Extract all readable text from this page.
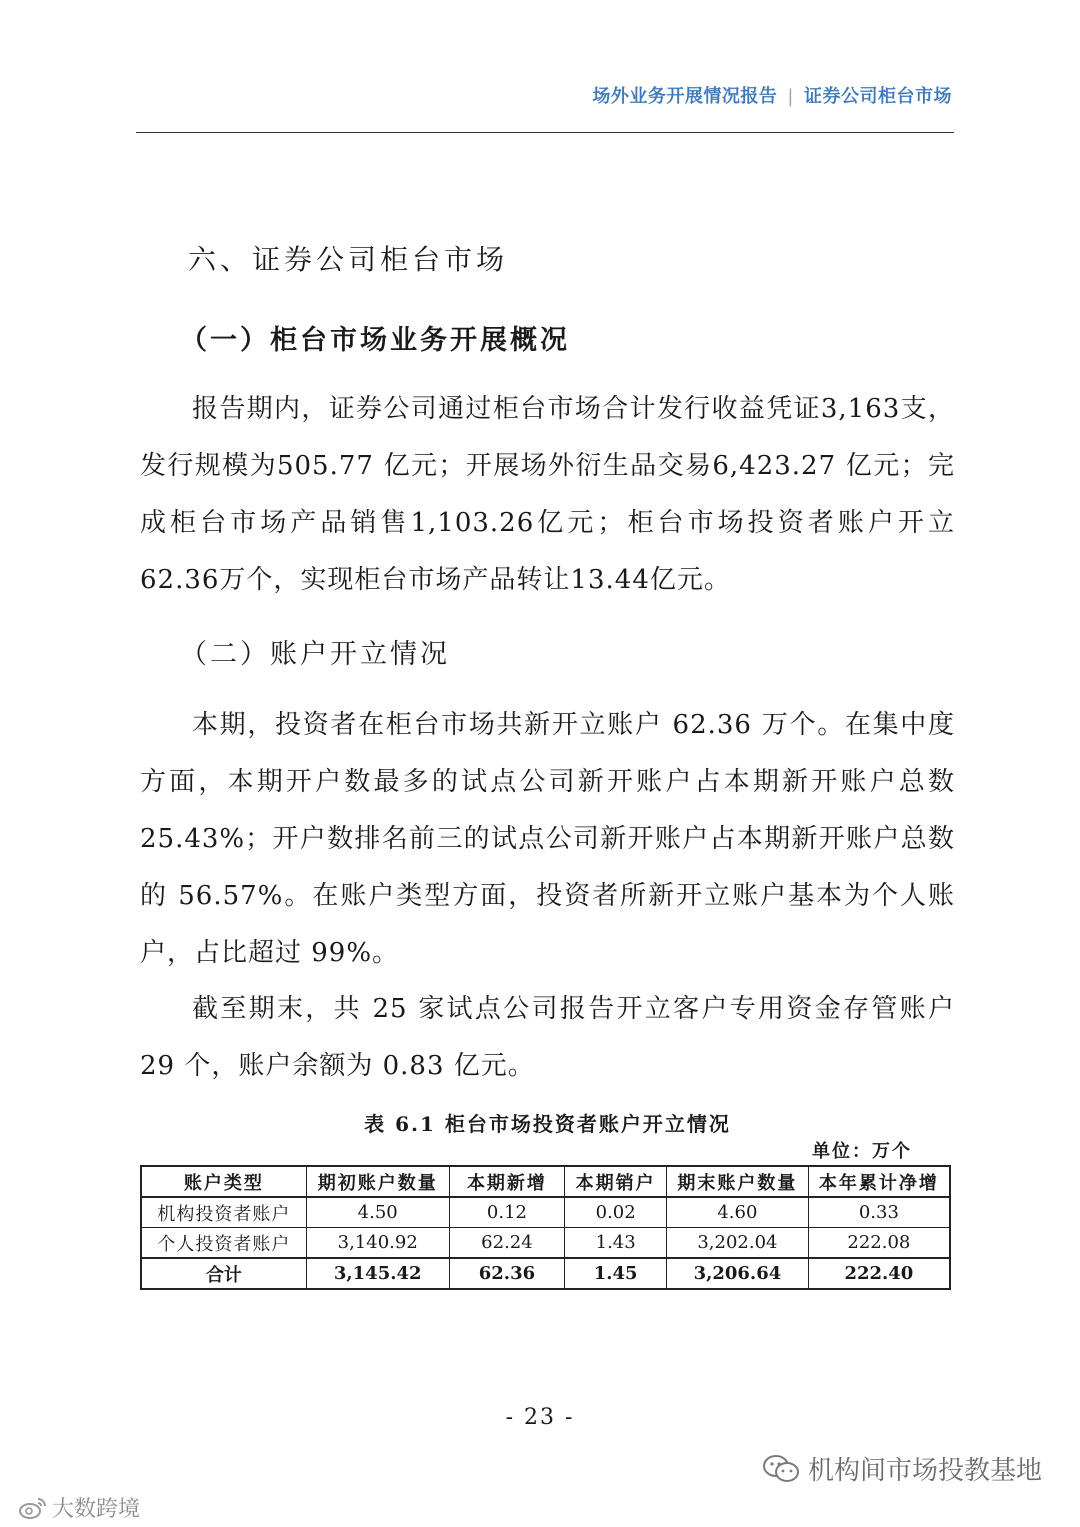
场外业务开展情况报告 | 证券公司柜台市场
六、证券公司柜台市场
（一）柜台市场业务开展概况
报告期内，证券公司通过柜台市场合计发行收益凭证3,163支，发行规模为505.77 亿元；开展场外衍生品交易6,423.27 亿元；完成柜台市场产品销售1,103.26亿元；柜台市场投资者账户开立62.36万个，实现柜台市场产品转让13.44亿元。
（二）账户开立情况
本期，投资者在柜台市场共新开立账户 62.36 万个。在集中度方面，本期开户数最多的试点公司新开账户占本期新开账户总数 25.43%；开户数排名前三的试点公司新开账户占本期新开账户总数的 56.57%。在账户类型方面，投资者所新开立账户基本为个人账户，占比超过 99%。
截至期末，共 25 家试点公司报告开立客户专用资金存管账户 29 个，账户余额为 0.83 亿元。
表 6.1 柜台市场投资者账户开立情况
单位：万个
账户类型	期初账户数量	本期新增	本期销户	期末账户数量	本年累计净增
机构投资者账户	4.50	0.12	0.02	4.60	0.33
个人投资者账户	3,140.92	62.24	1.43	3,202.04	222.08
合计	3,145.42	62.36	1.45	3,206.64	222.40
- 23 -
机构间市场投教基地
大数跨境
